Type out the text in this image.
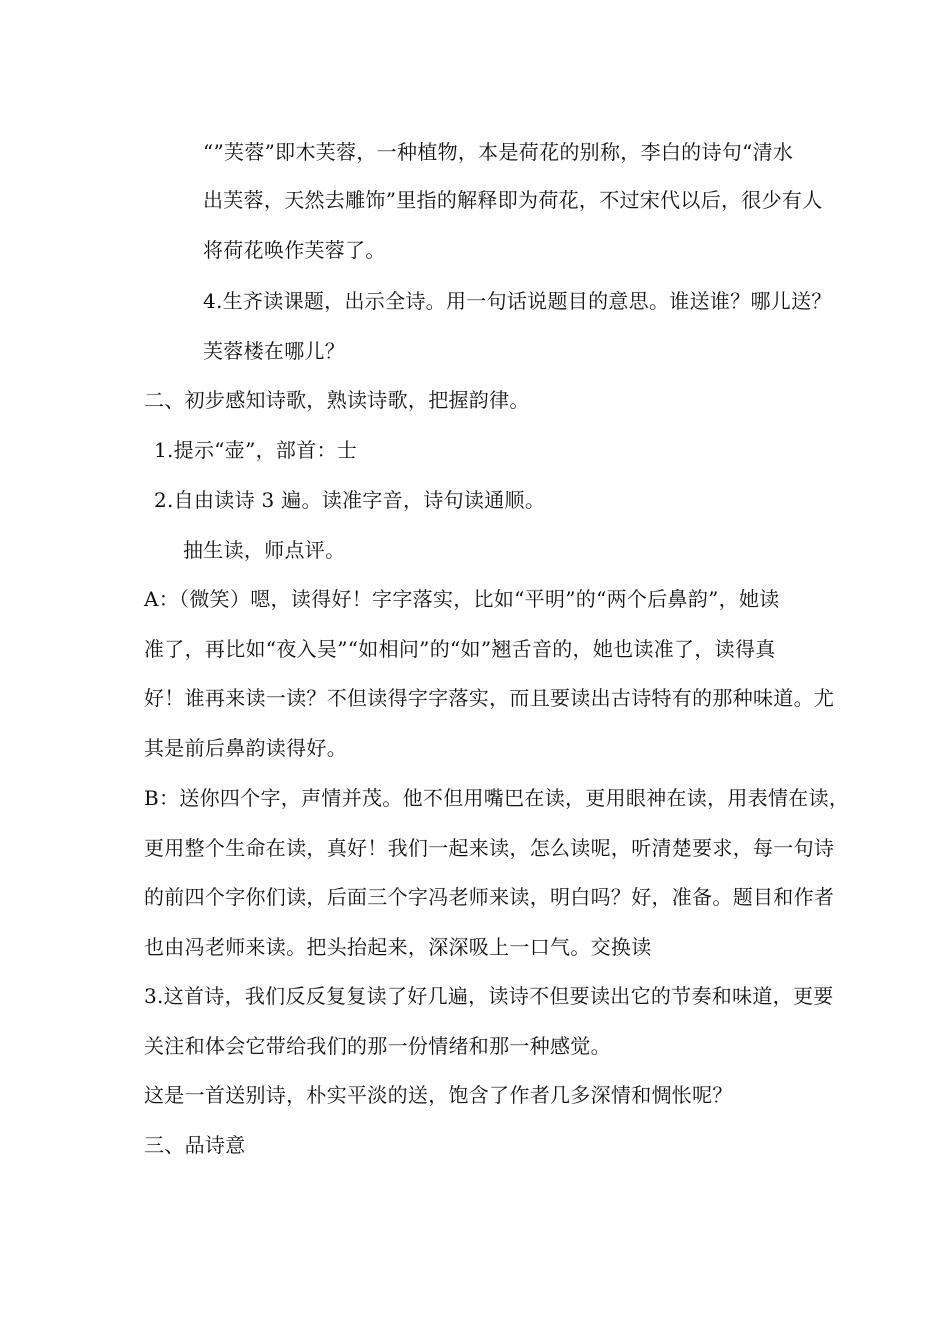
“”芙蓉”即木芙蓉，一种植物，本是荷花的别称，李白的诗句“清水
出芙蓉，天然去雕饰”里指的解释即为荷花，不过宋代以后，很少有人
将荷花唤作芙蓉了。
4.生齐读课题，出示全诗。用一句话说题目的意思。谁送谁？哪儿送？
芙蓉楼在哪儿？
二、初步感知诗歌，熟读诗歌，把握韵律。
1.提示“壶”，部首：士
2.自由读诗 3 遍。读准字音，诗句读通顺。
抽生读，师点评。
A：（微笑）嗯，读得好！字字落实，比如“平明”的“两个后鼻韵”，她读
准了，再比如“夜入吴”“如相问”的“如”翘舌音的，她也读准了，读得真
好！谁再来读一读？不但读得字字落实，而且要读出古诗特有的那种味道。尤
其是前后鼻韵读得好。
B：送你四个字，声情并茂。他不但用嘴巴在读，更用眼神在读，用表情在读，
更用整个生命在读，真好！我们一起来读，怎么读呢，听清楚要求，每一句诗
的前四个字你们读，后面三个字冯老师来读，明白吗？好，准备。题目和作者
也由冯老师来读。把头抬起来，深深吸上一口气。交换读
3.这首诗，我们反反复复读了好几遍，读诗不但要读出它的节奏和味道，更要
关注和体会它带给我们的那一份情绪和那一种感觉。
这是一首送别诗，朴实平淡的送，饱含了作者几多深情和惆怅呢？
三、品诗意
